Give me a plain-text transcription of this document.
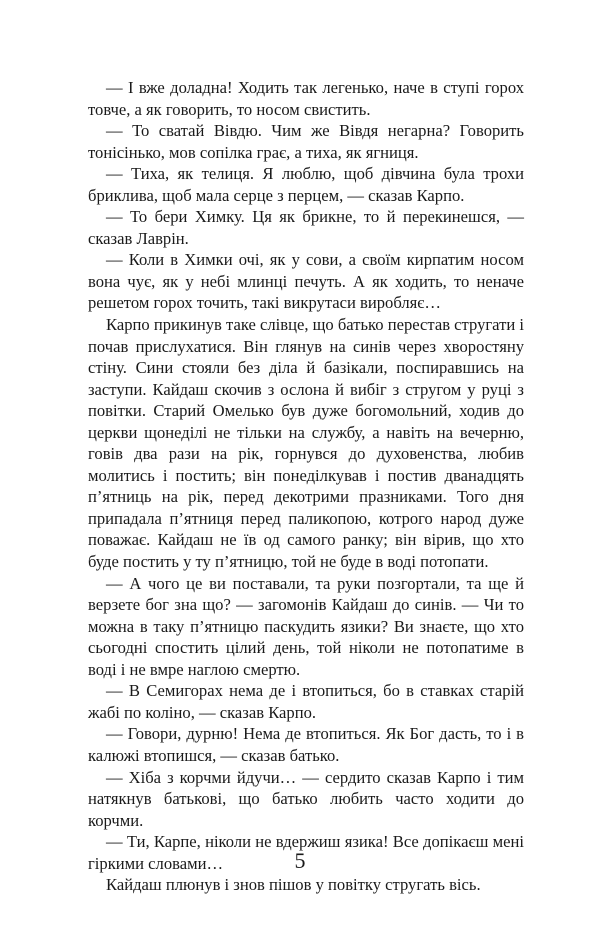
— І вже доладна! Ходить так легенько, наче в ступі горох товче, а як говорить, то носом свистить.

— То сватай Вівдю. Чим же Вівдя негарна? Говорить тонісінько, мов сопілка грає, а тиха, як ягниця.

— Тиха, як телиця. Я люблю, щоб дівчина була трохи бриклива, щоб мала серце з перцем, — сказав Карпо.

— То бери Химку. Ця як брикне, то й перекинешся, — сказав Лаврін.

— Коли в Химки очі, як у сови, а своїм кирпатим носом вона чує, як у небі млинці печуть. А як ходить, то неначе решетом горох точить, такі викрутаси виробляє…

Карпо прикинув таке слівце, що батько перестав стругати і почав прислухатися. Він глянув на синів через хворостяну стіну. Сини стояли без діла й базікали, поспиравшись на заступи. Кайдаш скочив з ослона й вибіг з стругом у руці з повітки. Старий Омелько був дуже богомольний, ходив до церкви щонеділі не тільки на службу, а навіть на вечерню, говів два рази на рік, горнувся до духовенства, любив молитись і постить; він понеділкував і постив дванадцять п’ятниць на рік, перед декотрими празниками. Того дня припадала п’ятниця перед паликопою, котрого народ дуже поважає. Кайдаш не їв од самого ранку; він вірив, що хто буде постить у ту п’ятницю, той не буде в воді потопати.

— А чого це ви поставали, та руки позгортали, та ще й верзете бог зна що? — загомонів Кайдаш до синів. — Чи то можна в таку п’ятницю паскудить язики? Ви знаєте, що хто сьогодні спостить цілий день, той ніколи не потопатиме в воді і не вмре наглою смертю.

— В Семигорах нема де і втопиться, бо в ставках старій жабі по коліно, — сказав Карпо.

— Говори, дурню! Нема де втопиться. Як Бог дасть, то і в калюжі втопишся, — сказав батько.

— Хіба з корчми йдучи… — сердито сказав Карпо і тим натякнув батькові, що батько любить часто ходити до корчми.

— Ти, Карпе, ніколи не вдержиш язика! Все допікаєш мені гіркими словами…

Кайдаш плюнув і знов пішов у повітку стругать вісь.

5
